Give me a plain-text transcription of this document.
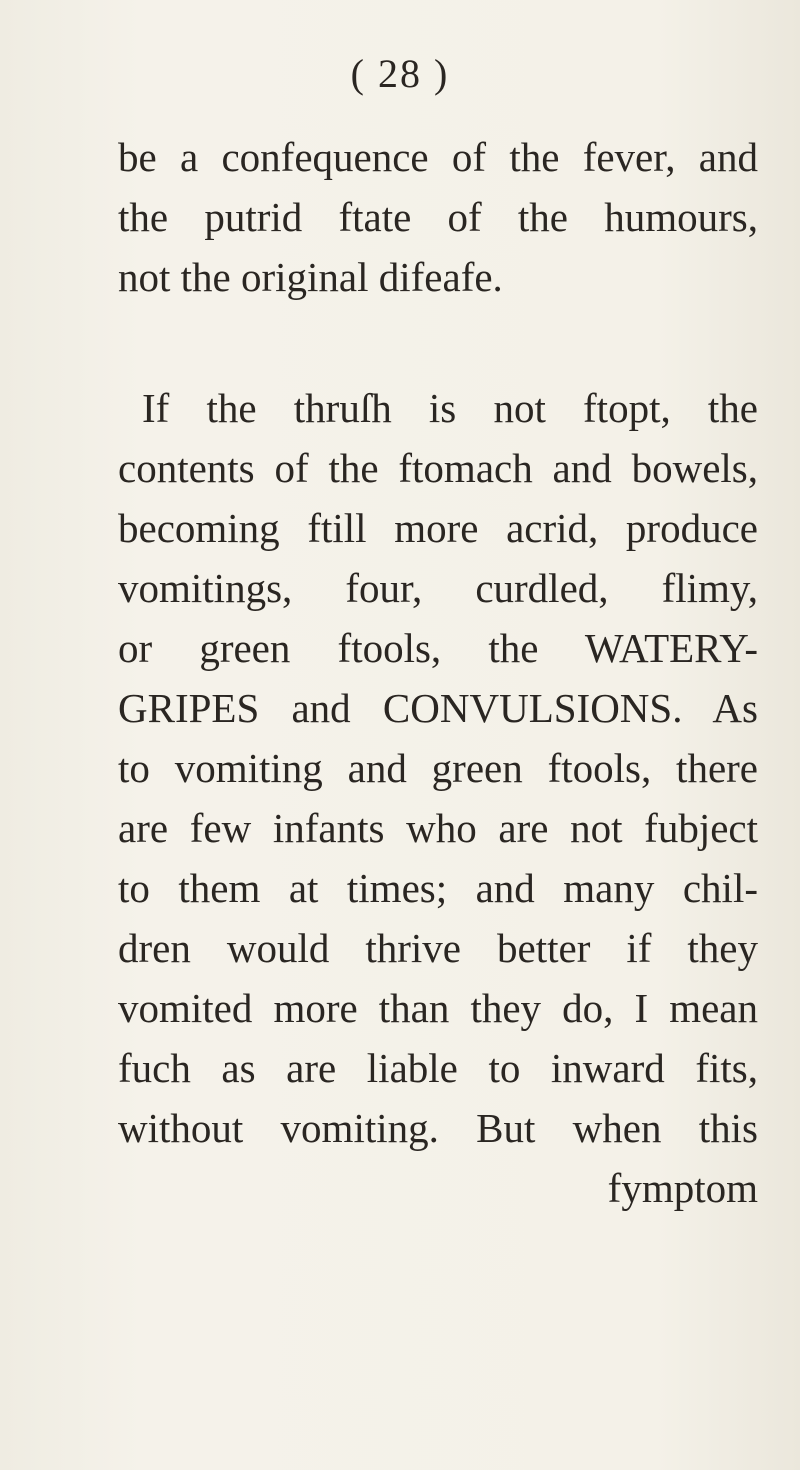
( 28 )
be a confequence of the fever, and
the putrid ftate of the humours,
not the original difeafe.
If the thruſh is not ftopt, the
contents of the ftomach and bowels,
becoming ftill more acrid, produce
vomitings, four, curdled, flimy,
or green ftools, the WATERY-
GRIPES and CONVULSIONS. As
to vomiting and green ftools, there
are few infants who are not fubject
to them at times; and many chil-
dren would thrive better if they
vomited more than they do, I mean
fuch as are liable to inward fits,
without vomiting. But when this
fymptom
